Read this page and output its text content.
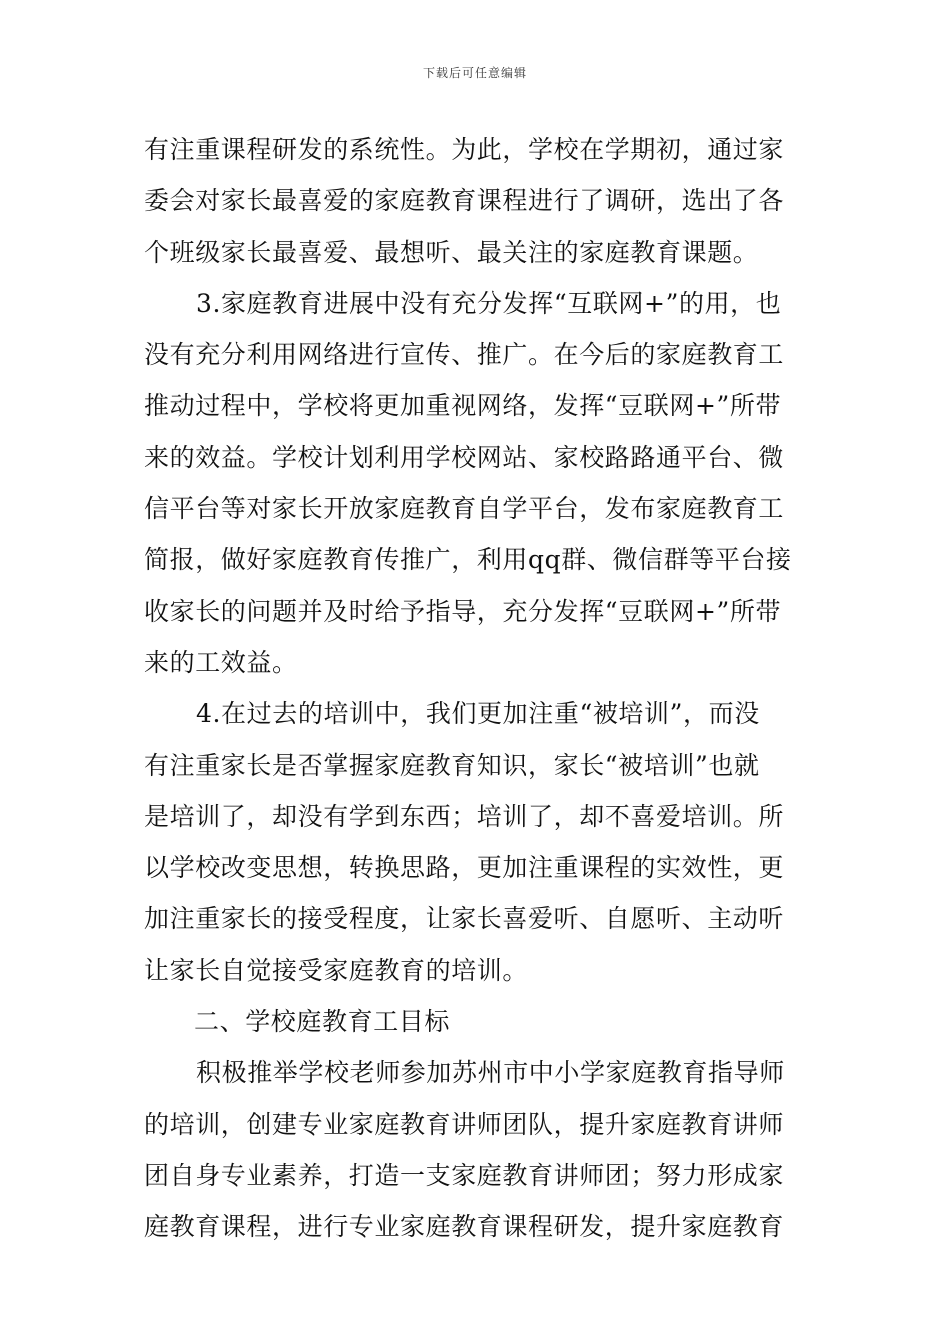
下载后可任意编辑
有注重课程研发的系统性。为此，学校在学期初，通过家
委会对家长最喜爱的家庭教育课程进行了调研，选出了各
个班级家长最喜爱、最想听、最关注的家庭教育课题。
3.家庭教育进展中没有充分发挥“互联网+”的用，也
没有充分利用网络进行宣传、推广。在今后的家庭教育工
推动过程中，学校将更加重视网络，发挥“豆联网+”所带
来的效益。学校计划利用学校网站、家校路路通平台、微
信平台等对家长开放家庭教育自学平台，发布家庭教育工
简报，做好家庭教育传推广，利用qq群、微信群等平台接
收家长的问题并及时给予指导，充分发挥“豆联网+”所带
来的工效益。
4.在过去的培训中，我们更加注重“被培训”，而没
有注重家长是否掌握家庭教育知识，家长“被培训”也就
是培训了，却没有学到东西；培训了，却不喜爱培训。所
以学校改变思想，转换思路，更加注重课程的实效性，更
加注重家长的接受程度，让家长喜爱听、自愿听、主动听
让家长自觉接受家庭教育的培训。
二、学校庭教育工目标
积极推举学校老师参加苏州市中小学家庭教育指导师
的培训，创建专业家庭教育讲师团队，提升家庭教育讲师
团自身专业素养，打造一支家庭教育讲师团；努力形成家
庭教育课程，进行专业家庭教育课程研发，提升家庭教育
